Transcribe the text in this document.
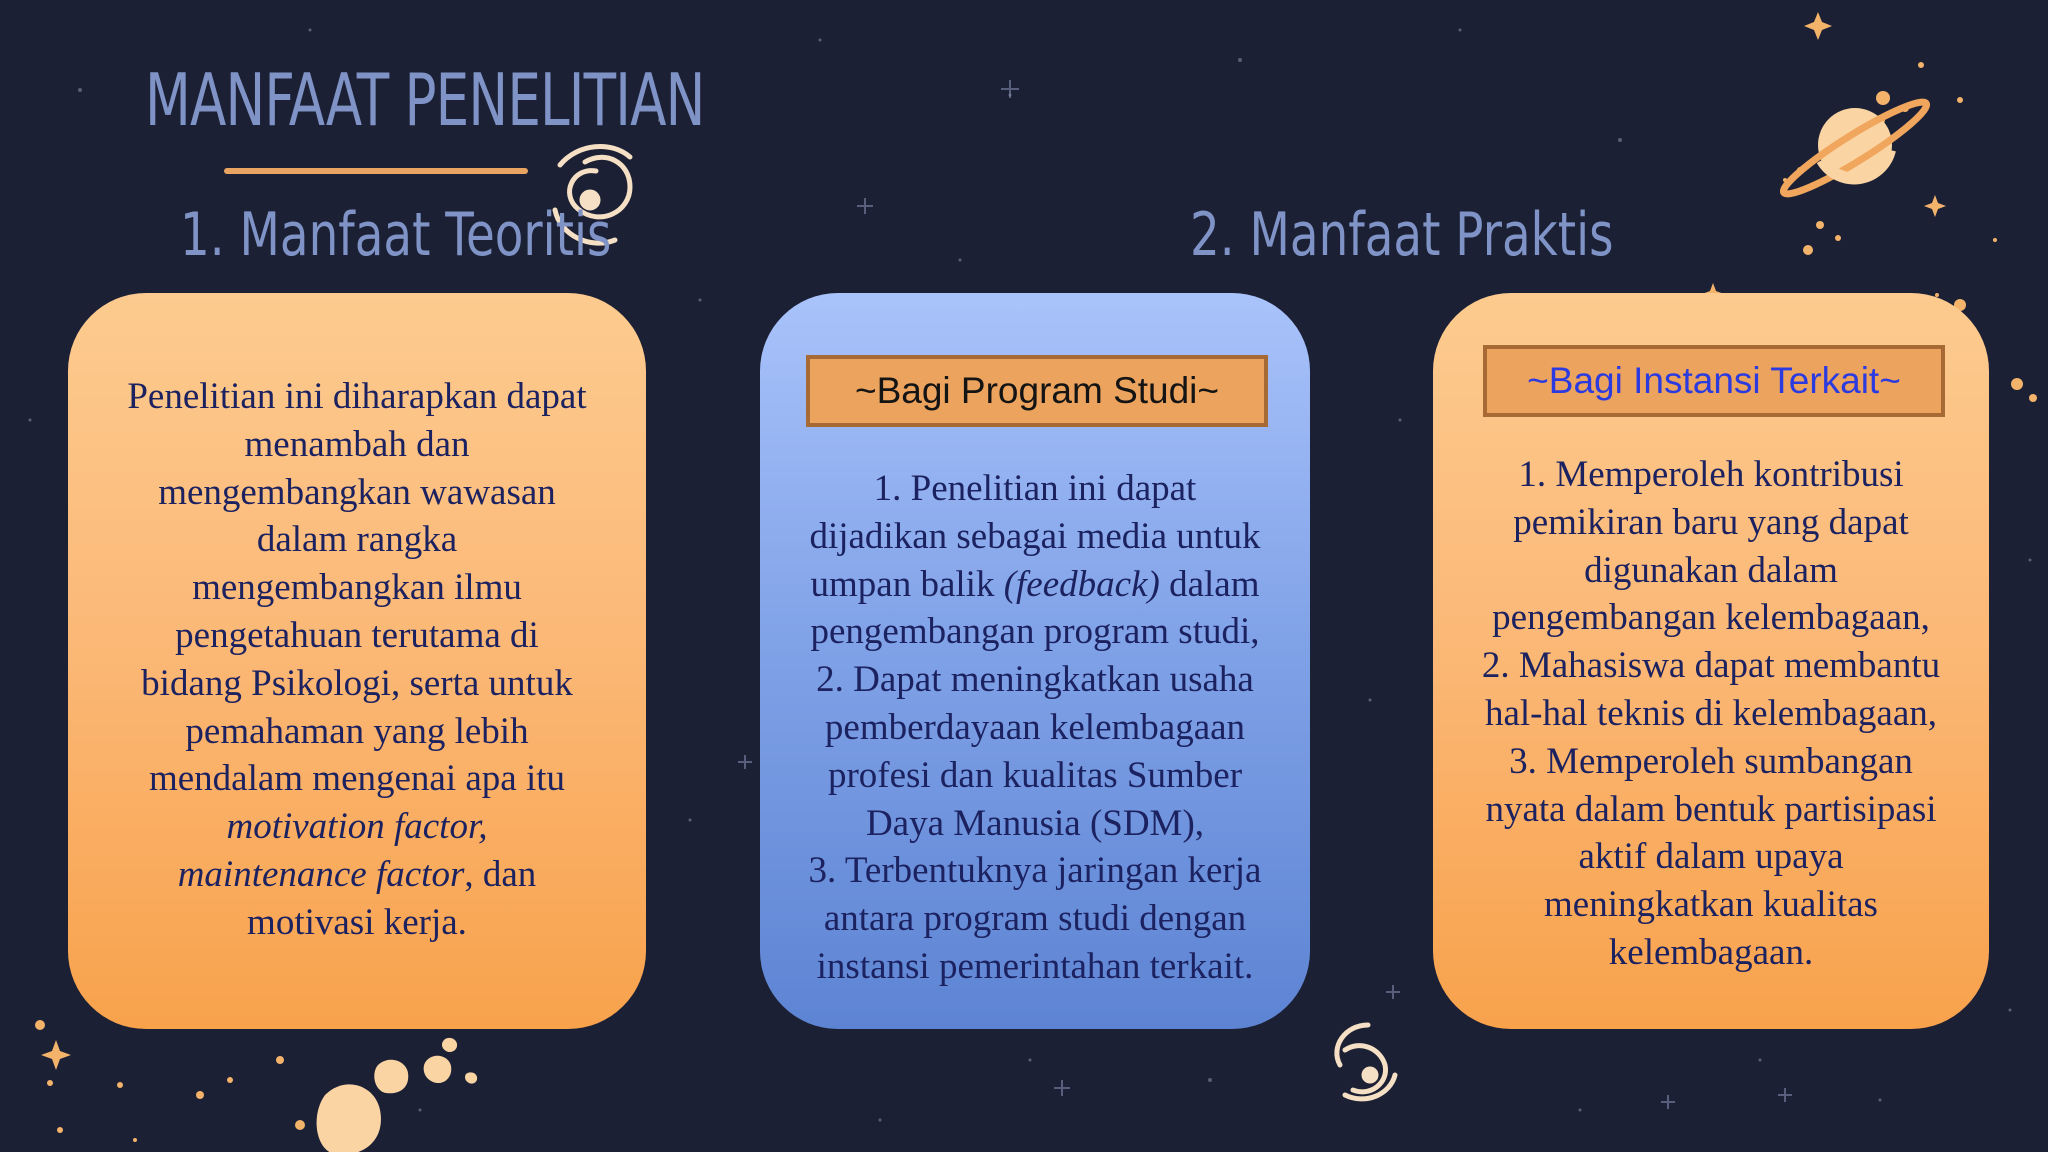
MANFAAT PENELITIAN
1. Manfaat Teoritis	2. Manfaat Praktis
Penelitian ini diharapkan dapat
menambah dan
mengembangkan wawasan
dalam rangka
mengembangkan ilmu
pengetahuan terutama di
bidang Psikologi, serta untuk
pemahaman yang lebih
mendalam mengenai apa itu
motivation factor,
maintenance factor, dan
motivasi kerja.
~Bagi Program Studi~
1. Penelitian ini dapat
dijadikan sebagai media untuk
umpan balik (feedback) dalam
pengembangan program studi,
2. Dapat meningkatkan usaha
pemberdayaan kelembagaan
profesi dan kualitas Sumber
Daya Manusia (SDM),
3. Terbentuknya jaringan kerja
antara program studi dengan
instansi pemerintahan terkait.
~Bagi Instansi Terkait~
1. Memperoleh kontribusi
pemikiran baru yang dapat
digunakan dalam
pengembangan kelembagaan,
2. Mahasiswa dapat membantu
hal-hal teknis di kelembagaan,
3. Memperoleh sumbangan
nyata dalam bentuk partisipasi
aktif dalam upaya
meningkatkan kualitas
kelembagaan.
